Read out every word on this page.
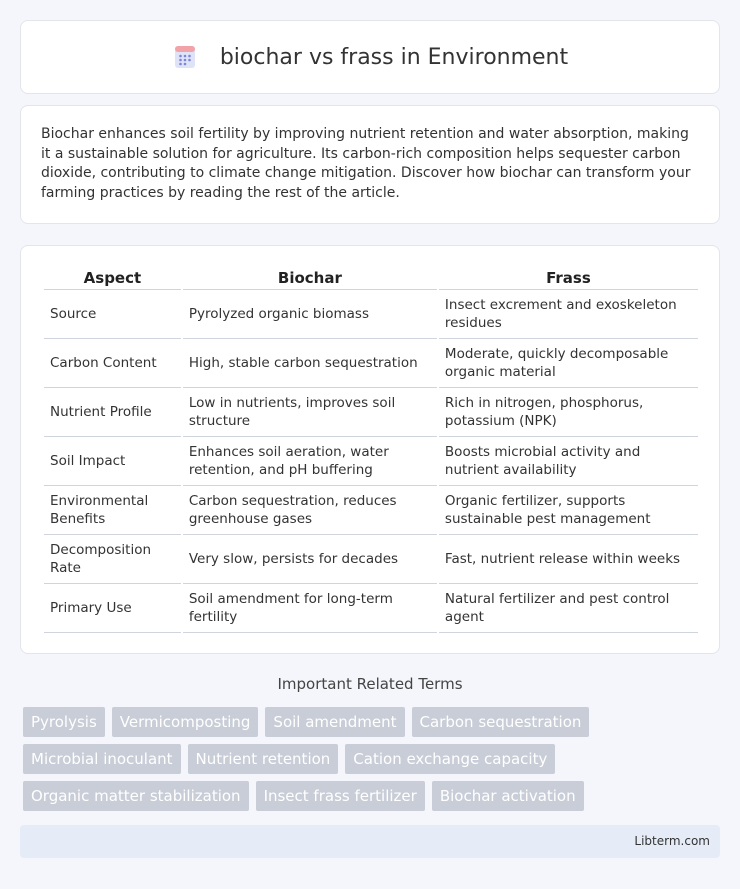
biochar vs frass in Environment

Biochar enhances soil fertility by improving nutrient retention and water absorption, making it a sustainable solution for agriculture. Its carbon-rich composition helps sequester carbon dioxide, contributing to climate change mitigation. Discover how biochar can transform your farming practices by reading the rest of the article.

Aspect	Biochar	Frass
Source	Pyrolyzed organic biomass	Insect excrement and exoskeleton residues
Carbon Content	High, stable carbon sequestration	Moderate, quickly decomposable organic material
Nutrient Profile	Low in nutrients, improves soil structure	Rich in nitrogen, phosphorus, potassium (NPK)
Soil Impact	Enhances soil aeration, water retention, and pH buffering	Boosts microbial activity and nutrient availability
Environmental Benefits	Carbon sequestration, reduces greenhouse gases	Organic fertilizer, supports sustainable pest management
Decomposition Rate	Very slow, persists for decades	Fast, nutrient release within weeks
Primary Use	Soil amendment for long-term fertility	Natural fertilizer and pest control agent
Important Related Terms
Pyrolysis	Vermicomposting	Soil amendment	Carbon sequestration
Microbial inoculant	Nutrient retention	Cation exchange capacity
Organic matter stabilization	Insect frass fertilizer	Biochar activation
Libterm.com
